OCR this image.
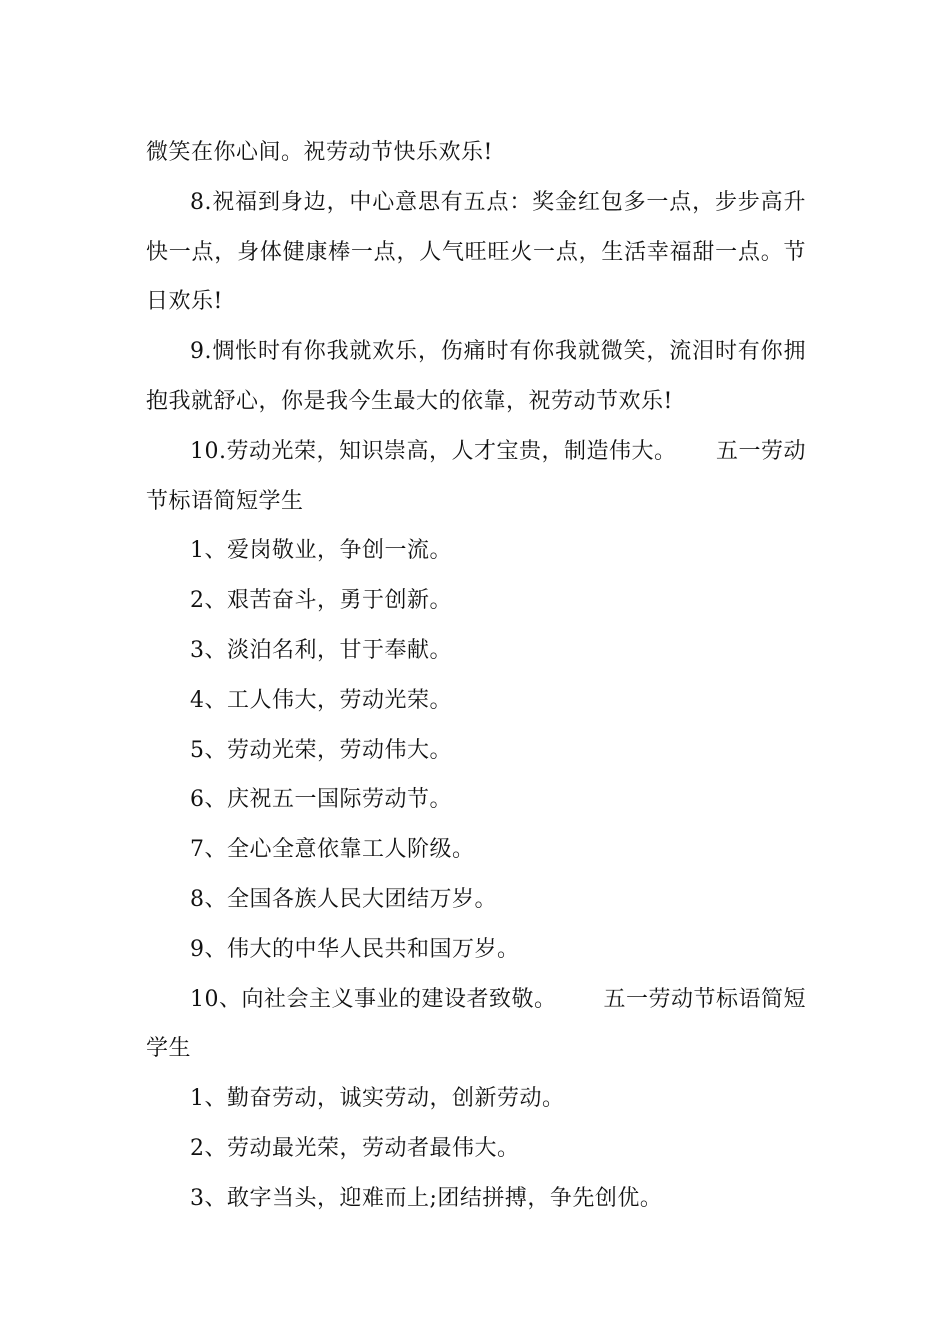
微笑在你心间。祝劳动节快乐欢乐!
8.祝福到身边，中心意思有五点：奖金红包多一点，步步高升
快一点，身体健康棒一点，人气旺旺火一点，生活幸福甜一点。节
日欢乐!
9.惆怅时有你我就欢乐，伤痛时有你我就微笑，流泪时有你拥
抱我就舒心，你是我今生最大的依靠，祝劳动节欢乐!
10.劳动光荣，知识崇高，人才宝贵，制造伟大。 五一劳动
节标语简短学生
1、爱岗敬业，争创一流。
2、艰苦奋斗，勇于创新。
3、淡泊名利，甘于奉献。
4、工人伟大，劳动光荣。
5、劳动光荣，劳动伟大。
6、庆祝五一国际劳动节。
7、全心全意依靠工人阶级。
8、全国各族人民大团结万岁。
9、伟大的中华人民共和国万岁。
10、向社会主义事业的建设者致敬。 五一劳动节标语简短
学生
1、勤奋劳动，诚实劳动，创新劳动。
2、劳动最光荣，劳动者最伟大。
3、敢字当头，迎难而上;团结拼搏，争先创优。
